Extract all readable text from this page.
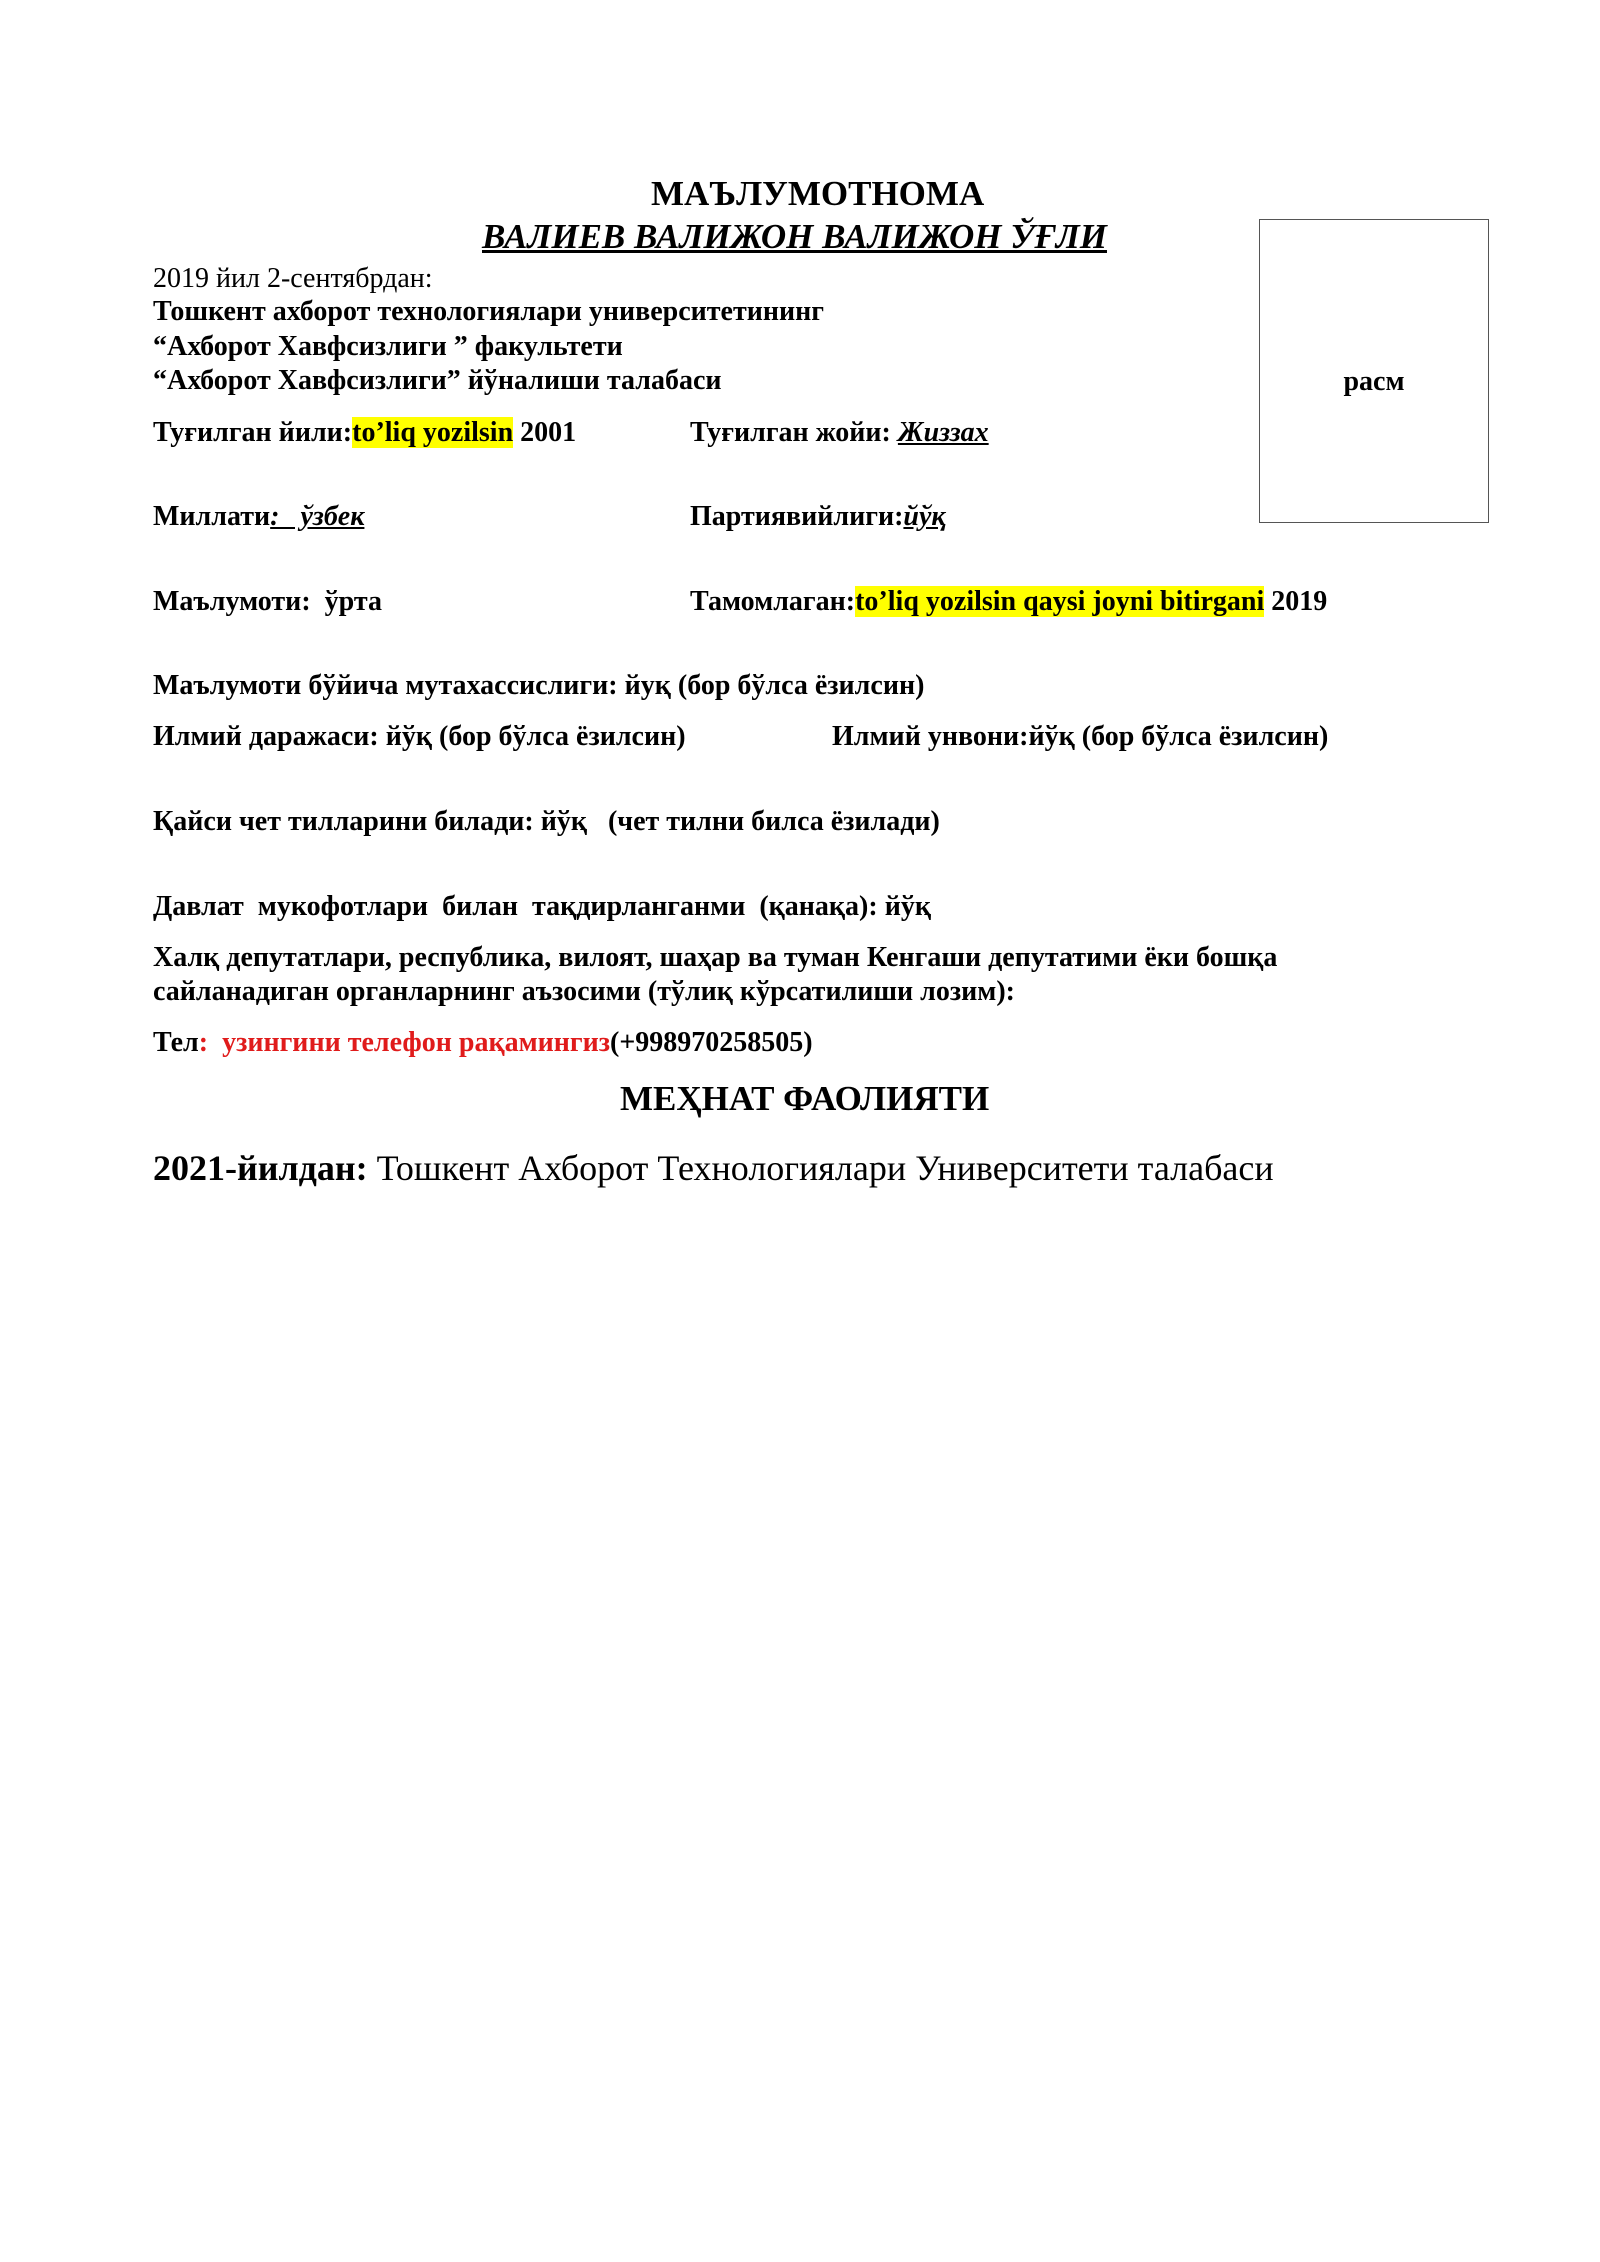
МАЪЛУМОТНОМА
ВАЛИЕВ ВАЛИЖОН ВАЛИЖОН ЎҒЛИ
расм
2019 йил 2-сентябрдан:
Тошкент ахборот технологиялари университетининг
“Ахборот Хавфсизлиги ” факультети
“Ахборот Хавфсизлиги” йўналиши талабаси
Туғилган йили:to’liq yozilsin 2001	Туғилган жойи: Жиззах
Миллати:   ўзбек	Партиявийлиги:йўқ
Маълумоти:  ўрта	Тамомлаган:to’liq yozilsin qaysi joyni bitirgani 2019
Маълумоти бўйича мутахассислиги: йуқ (бор бўлса ёзилсин)
Илмий даражаси: йўқ (бор бўлса ёзилсин)	Илмий унвони:йўқ (бор бўлса ёзилсин)
Қайси чет тилларини билади: йўқ   (чет тилни билса ёзилади)
Давлат  мукофотлари  билан  тақдирланганми  (қанақа): йўқ
Халқ депутатлари, республика, вилоят, шаҳар ва туман Кенгаши депутатими ёки бошқа
сайланадиган органларнинг аъзосими (тўлиқ кўрсатилиши лозим):
Тел:  узингини телефон рақамингиз(+998970258505)
МЕҲНАТ ФАОЛИЯТИ
2021-йилдан: Тошкент Ахборот Технологиялари Университети талабаси
